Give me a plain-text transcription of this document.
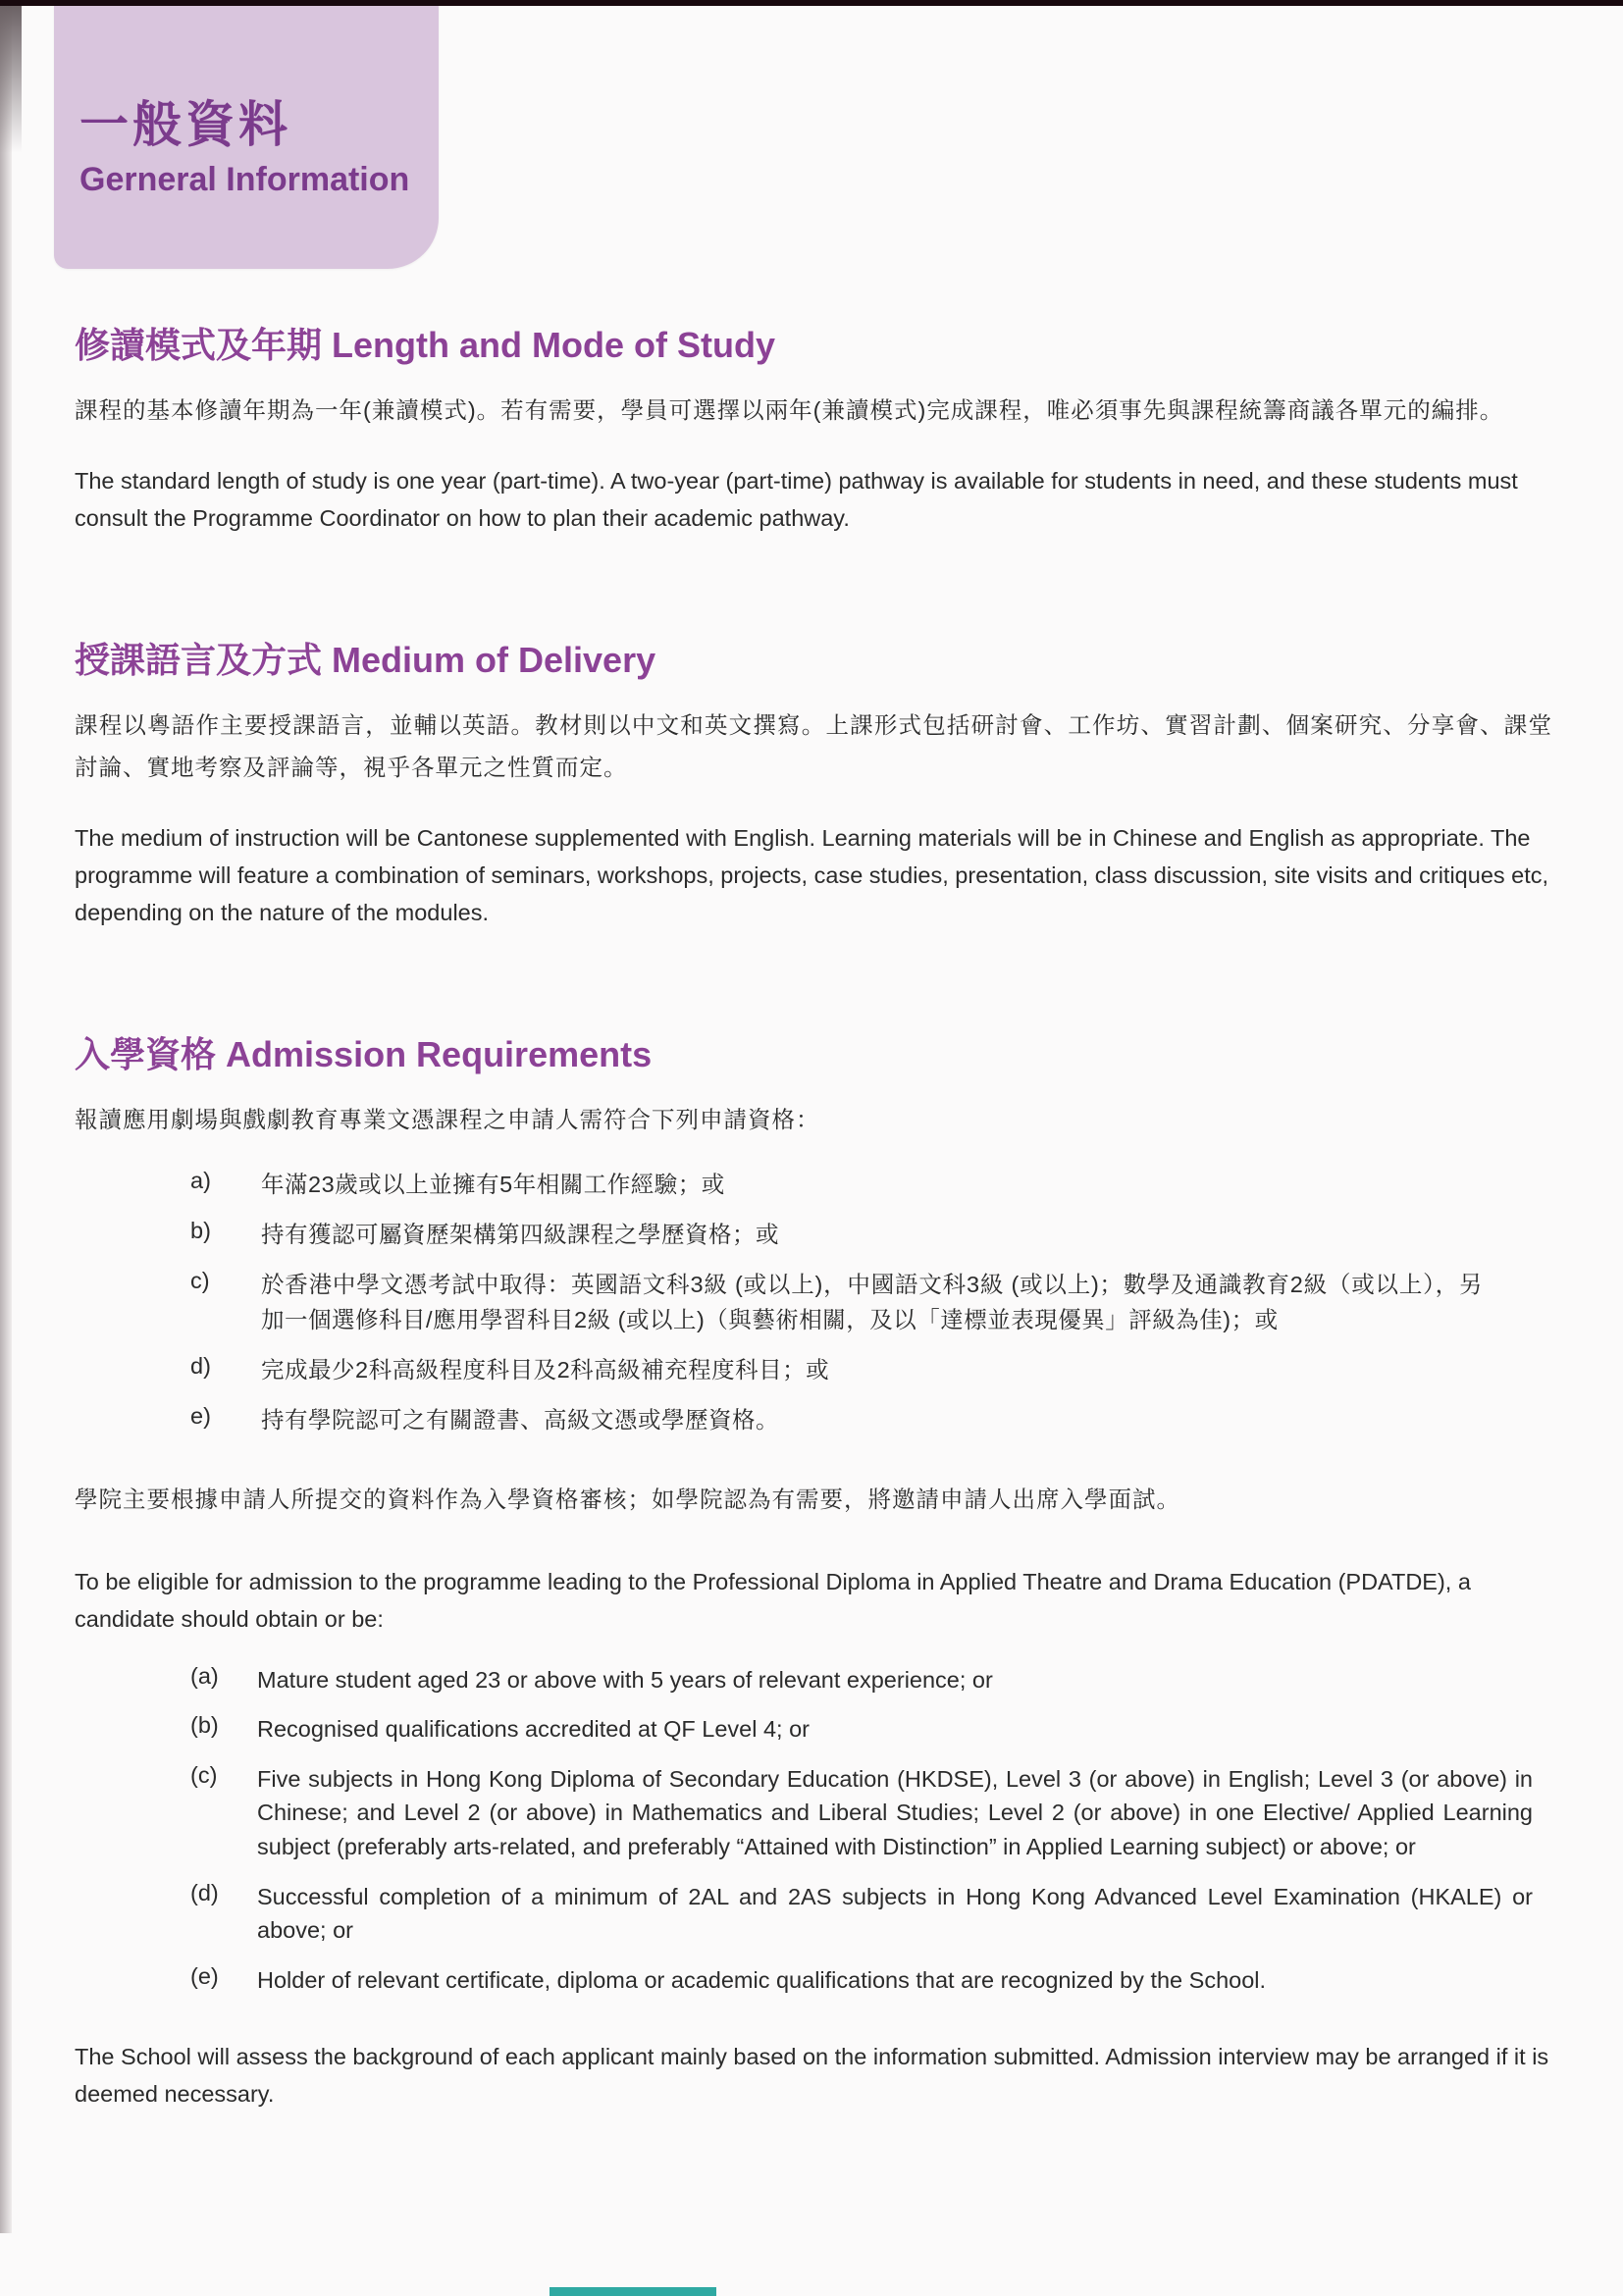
一般資料
Gerneral Information
修讀模式及年期 Length and Mode of Study

課程的基本修讀年期為一年(兼讀模式)。若有需要，學員可選擇以兩年(兼讀模式)完成課程，唯必須事先與課程統籌商議各單元的編排。

The standard length of study is one year (part-time). A two-year (part-time) pathway is available for students in need, and these students must consult the Programme Coordinator on how to plan their academic pathway.

授課語言及方式 Medium of Delivery

課程以粵語作主要授課語言，並輔以英語。教材則以中文和英文撰寫。上課形式包括研討會、工作坊、實習計劃、個案研究、分享會、課堂討論、實地考察及評論等，視乎各單元之性質而定。

The medium of instruction will be Cantonese supplemented with English. Learning materials will be in Chinese and English as appropriate. The programme will feature a combination of seminars, workshops, projects, case studies, presentation, class discussion, site visits and critiques etc, depending on the nature of the modules.

入學資格 Admission Requirements

報讀應用劇場與戲劇教育專業文憑課程之申請人需符合下列申請資格：

a)	年滿23歲或以上並擁有5年相關工作經驗；或
b)	持有獲認可屬資歷架構第四級課程之學歷資格；或
c)	於香港中學文憑考試中取得：英國語文科3級 (或以上)，中國語文科3級 (或以上)；數學及通識教育2級（或以上），另加一個選修科目/應用學習科目2級 (或以上)（與藝術相關，及以「達標並表現優異」評級為佳)；或
d)	完成最少2科高級程度科目及2科高級補充程度科目；或
e)	持有學院認可之有關證書、高級文憑或學歷資格。

學院主要根據申請人所提交的資料作為入學資格審核；如學院認為有需要，將邀請申請人出席入學面試。

To be eligible for admission to the programme leading to the Professional Diploma in Applied Theatre and Drama Education (PDATDE), a candidate should obtain or be:

(a)	Mature student aged 23 or above with 5 years of relevant experience; or
(b)	Recognised qualifications accredited at QF Level 4; or
(c)	Five subjects in Hong Kong Diploma of Secondary Education (HKDSE), Level 3 (or above) in English; Level 3 (or above) in Chinese; and Level 2 (or above) in Mathematics and Liberal Studies; Level 2 (or above) in one Elective/ Applied Learning subject (preferably arts-related, and preferably “Attained with Distinction” in Applied Learning subject) or above; or
(d)	Successful completion of a minimum of 2AL and 2AS subjects in Hong Kong Advanced Level Examination (HKALE) or above; or
(e)	Holder of relevant certificate, diploma or academic qualifications that are recognized by the School.

The School will assess the background of each applicant mainly based on the information submitted. Admission interview may be arranged if it is deemed necessary.
